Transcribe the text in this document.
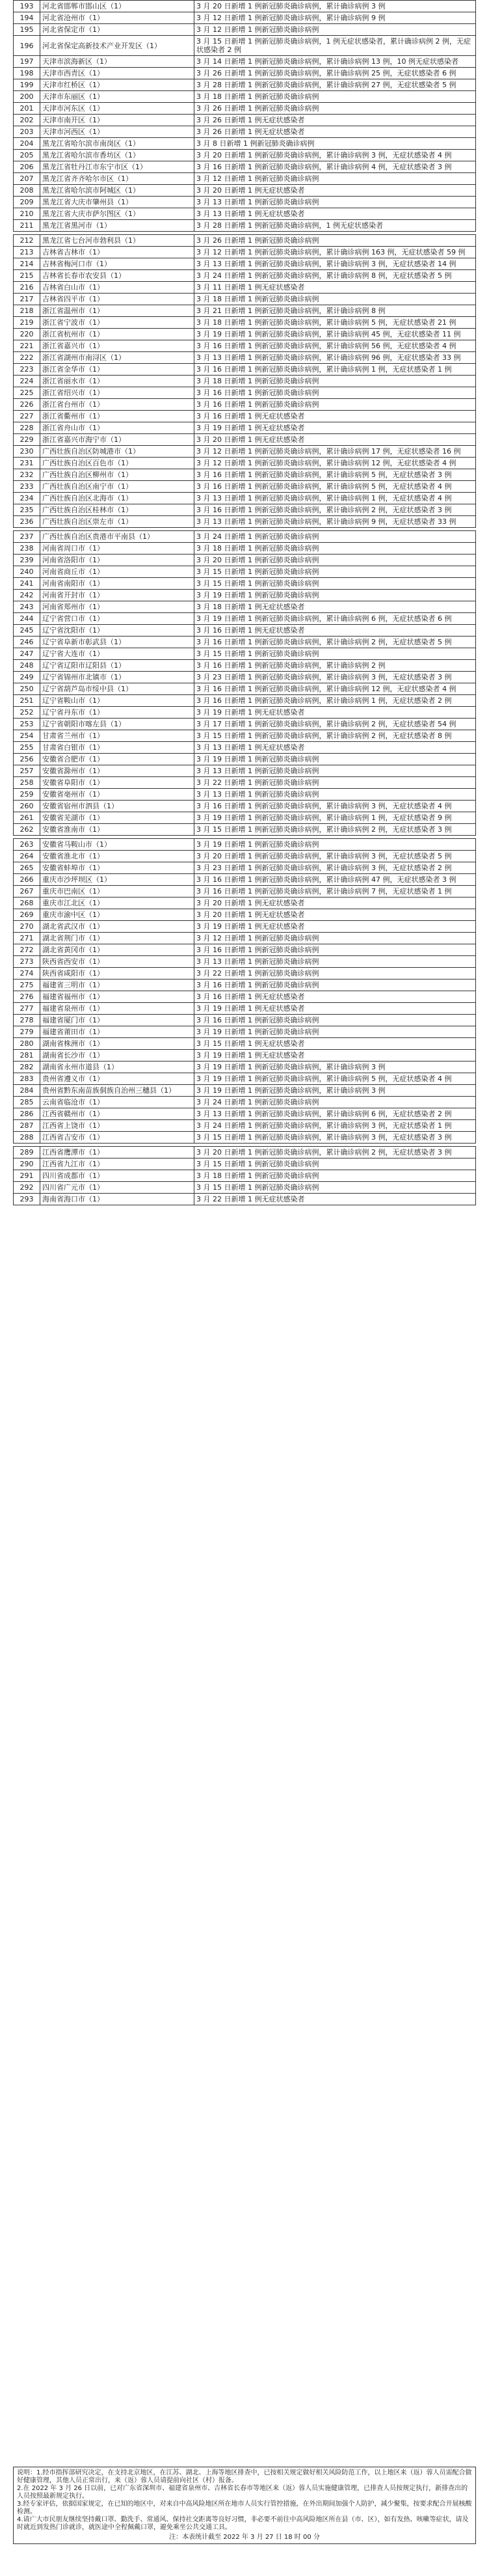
193	河北省邯郸市邯山区（1）	3 月 20 日新增 1 例新冠肺炎确诊病例，累计确诊病例 3 例
194	河北省沧州市（1）	3 月 12 日新增 1 例新冠肺炎确诊病例，累计确诊病例 9 例
195	河北省保定市（1）	3 月 12 日新增 1 例新冠肺炎确诊病例
196	河北省保定高新技术产业开发区（1）	3 月 15 日新增 1 例新冠肺炎确诊病例，1 例无症状感染者，累计确诊病例 2 例，无症状感染者 2 例
197	天津市滨海新区（1）	3 月 14 日新增 1 例新冠肺炎确诊病例，累计确诊病例 13 例，10 例无症状感染者
198	天津市西青区（1）	3 月 26 日新增 1 例新冠肺炎确诊病例，累计确诊病例 25 例，无症状感染者 6 例
199	天津市红桥区（1）	3 月 28 日新增 1 例新冠肺炎确诊病例，累计确诊病例 27 例，无症状感染者 5 例
200	天津市东丽区（1）	3 月 18 日新增 1 例新冠肺炎确诊病例
201	天津市河东区（1）	3 月 26 日新增 1 例新冠肺炎确诊病例
202	天津市南开区（1）	3 月 26 日新增 1 例无症状感染者
203	天津市河西区（1）	3 月 26 日新增 1 例无症状感染者
204	黑龙江省哈尔滨市南岗区（1）	3 月 8 日新增 1 例新冠肺炎确诊病例
205	黑龙江省哈尔滨市香坊区（1）	3 月 20 日新增 1 例新冠肺炎确诊病例，累计确诊病例 3 例，无症状感染者 4 例
206	黑龙江省牡丹江市东宁市区（1）	3 月 16 日新增 1 例新冠肺炎确诊病例，累计确诊病例 4 例，无症状感染者 3 例
207	黑龙江省齐齐哈尔市区（1）	3 月 12 日新增 1 例新冠肺炎确诊病例
208	黑龙江省哈尔滨市阿城区（1）	3 月 20 日新增 1 例无症状感染者
209	黑龙江省大庆市肇州县（1）	3 月 13 日新增 1 例新冠肺炎确诊病例
210	黑龙江省大庆市萨尔图区（1）	3 月 13 日新增 1 例无症状感染者
211	黑龙江省黑河市（1）	3 月 28 日新增 1 例新冠肺炎确诊病例，1 例无症状感染者
212	黑龙江省七台河市勃利县（1）	3 月 26 日新增 1 例新冠肺炎确诊病例
213	吉林省吉林市（1）	3 月 12 日新增 1 例新冠肺炎确诊病例，累计确诊病例 163 例，无症状感染者 59 例
214	吉林省梅河口市（1）	3 月 13 日新增 1 例新冠肺炎确诊病例，累计确诊病例 3 例，无症状感染者 14 例
215	吉林省长春市农安县（1）	3 月 24 日新增 1 例新冠肺炎确诊病例，累计确诊病例 8 例，无症状感染者 5 例
216	吉林省白山市（1）	3 月 11 日新增 1 例无症状感染者
217	吉林省四平市（1）	3 月 18 日新增 1 例新冠肺炎确诊病例
218	浙江省温州市（1）	3 月 21 日新增 1 例新冠肺炎确诊病例，累计确诊病例 8 例
219	浙江省宁波市（1）	3 月 18 日新增 1 例新冠肺炎确诊病例，累计确诊病例 5 例，无症状感染者 21 例
220	浙江省杭州市（1）	3 月 19 日新增 1 例新冠肺炎确诊病例，累计确诊病例 45 例，无症状感染者 11 例
221	浙江省嘉兴市（1）	3 月 16 日新增 1 例新冠肺炎确诊病例，累计确诊病例 56 例，无症状感染者 4 例
222	浙江省湖州市南浔区（1）	3 月 13 日新增 1 例新冠肺炎确诊病例，累计确诊病例 96 例，无症状感染者 33 例
223	浙江省金华市（1）	3 月 16 日新增 1 例新冠肺炎确诊病例，累计确诊病例 1 例，无症状感染者 1 例
224	浙江省丽水市（1）	3 月 18 日新增 1 例新冠肺炎确诊病例
225	浙江省绍兴市（1）	3 月 16 日新增 1 例新冠肺炎确诊病例
226	浙江省台州市（1）	3 月 16 日新增 1 例新冠肺炎确诊病例
227	浙江省衢州市（1）	3 月 16 日新增 1 例无症状感染者
228	浙江省舟山市（1）	3 月 19 日新增 1 例无症状感染者
229	浙江省嘉兴市海宁市（1）	3 月 20 日新增 1 例无症状感染者
230	广西壮族自治区防城港市（1）	3 月 12 日新增 1 例新冠肺炎确诊病例，累计确诊病例 17 例，无症状感染者 16 例
231	广西壮族自治区百色市（1）	3 月 12 日新增 1 例新冠肺炎确诊病例，累计确诊病例 12 例，无症状感染者 4 例
232	广西壮族自治区柳州市（1）	3 月 16 日新增 1 例新冠肺炎确诊病例，累计确诊病例 5 例，无症状感染者 3 例
233	广西壮族自治区南宁市（1）	3 月 16 日新增 1 例新冠肺炎确诊病例，累计确诊病例 5 例，无症状感染者 4 例
234	广西壮族自治区北海市（1）	3 月 13 日新增 1 例新冠肺炎确诊病例，累计确诊病例 1 例，无症状感染者 4 例
235	广西壮族自治区桂林市（1）	3 月 16 日新增 1 例新冠肺炎确诊病例，累计确诊病例 2 例，无症状感染者 3 例
236	广西壮族自治区崇左市（1）	3 月 13 日新增 1 例新冠肺炎确诊病例，累计确诊病例 9 例，无症状感染者 33 例
237	广西壮族自治区贵港市平南县（1）	3 月 24 日新增 1 例新冠肺炎确诊病例
238	河南省周口市（1）	3 月 18 日新增 1 例新冠肺炎确诊病例
239	河南省洛阳市（1）	3 月 20 日新增 1 例新冠肺炎确诊病例
240	河南省商丘市（1）	3 月 15 日新增 1 例新冠肺炎确诊病例
241	河南省南阳市（1）	3 月 15 日新增 1 例新冠肺炎确诊病例
242	河南省开封市（1）	3 月 19 日新增 1 例新冠肺炎确诊病例
243	河南省郑州市（1）	3 月 18 日新增 1 例无症状感染者
244	辽宁省营口市（1）	3 月 19 日新增 1 例新冠肺炎确诊病例，累计确诊病例 6 例，无症状感染者 6 例
245	辽宁省沈阳市（1）	3 月 16 日新增 1 例无症状感染者
246	辽宁省阜新市彰武县（1）	3 月 16 日新增 1 例新冠肺炎确诊病例，累计确诊病例 2 例，无症状感染者 5 例
247	辽宁省大连市（1）	3 月 15 日新增 1 例新冠肺炎确诊病例
248	辽宁省辽阳市辽阳县（1）	3 月 16 日新增 1 例新冠肺炎确诊病例，累计确诊病例 2 例
249	辽宁省锦州市北镇市（1）	3 月 23 日新增 1 例新冠肺炎确诊病例，累计确诊病例 3 例，无症状感染者 3 例
250	辽宁省葫芦岛市绥中县（1）	3 月 16 日新增 1 例新冠肺炎确诊病例，累计确诊病例 12 例，无症状感染者 4 例
251	辽宁省鞍山市（1）	3 月 16 日新增 1 例新冠肺炎确诊病例，累计确诊病例 1 例，无症状感染者 2 例
252	辽宁省丹东市（1）	3 月 19 日新增 1 例无症状感染者
253	辽宁省朝阳市喀左县（1）	3 月 17 日新增 1 例新冠肺炎确诊病例，累计确诊病例 2 例，无症状感染者 54 例
254	甘肃省兰州市（1）	3 月 15 日新增 1 例新冠肺炎确诊病例，累计确诊病例 2 例，无症状感染者 8 例
255	甘肃省白银市（1）	3 月 13 日新增 1 例无症状感染者
256	安徽省合肥市（1）	3 月 19 日新增 1 例新冠肺炎确诊病例
257	安徽省滁州市（1）	3 月 13 日新增 1 例新冠肺炎确诊病例
258	安徽省阜阳市（1）	3 月 22 日新增 1 例新冠肺炎确诊病例
259	安徽省亳州市（1）	3 月 13 日新增 1 例新冠肺炎确诊病例
260	安徽省宿州市泗县（1）	3 月 16 日新增 1 例新冠肺炎确诊病例，累计确诊病例 3 例，无症状感染者 4 例
261	安徽省芜湖市（1）	3 月 19 日新增 1 例新冠肺炎确诊病例，累计确诊病例 1 例，无症状感染者 9 例
262	安徽省淮南市（1）	3 月 15 日新增 1 例新冠肺炎确诊病例，累计确诊病例 2 例，无症状感染者 3 例
263	安徽省马鞍山市（1）	3 月 19 日新增 1 例新冠肺炎确诊病例
264	安徽省淮北市（1）	3 月 20 日新增 1 例新冠肺炎确诊病例，累计确诊病例 3 例，无症状感染者 5 例
265	安徽省蚌埠市（1）	3 月 23 日新增 1 例新冠肺炎确诊病例，累计确诊病例 3 例，无症状感染者 2 例
266	重庆市沙坪坝区（1）	3 月 16 日新增 1 例新冠肺炎确诊病例，累计确诊病例 47 例，无症状感染者 3 例
267	重庆市巴南区（1）	3 月 16 日新增 1 例新冠肺炎确诊病例，累计确诊病例 7 例，无症状感染者 1 例
268	重庆市江北区（1）	3 月 20 日新增 1 例无症状感染者
269	重庆市渝中区（1）	3 月 20 日新增 1 例无症状感染者
270	湖北省武汉市（1）	3 月 19 日新增 1 例无症状感染者
271	湖北省荆门市（1）	3 月 12 日新增 1 例新冠肺炎确诊病例
272	湖北省黄冈市（1）	3 月 16 日新增 1 例新冠肺炎确诊病例
273	陕西省西安市（1）	3 月 13 日新增 1 例新冠肺炎确诊病例
274	陕西省咸阳市（1）	3 月 22 日新增 1 例新冠肺炎确诊病例
275	福建省三明市（1）	3 月 16 日新增 1 例新冠肺炎确诊病例
276	福建省福州市（1）	3 月 16 日新增 1 例无症状感染者
277	福建省泉州市（1）	3 月 19 日新增 1 例无症状感染者
278	福建省厦门市（1）	3 月 16 日新增 1 例新冠肺炎确诊病例
279	福建省莆田市（1）	3 月 19 日新增 1 例新冠肺炎确诊病例
280	湖南省株洲市（1）	3 月 15 日新增 1 例无症状感染者
281	湖南省长沙市（1）	3 月 19 日新增 1 例无症状感染者
282	湖南省永州市道县（1）	3 月 19 日新增 1 例新冠肺炎确诊病例，累计确诊病例 3 例
283	贵州省遵义市（1）	3 月 19 日新增 1 例新冠肺炎确诊病例，累计确诊病例 5 例，无症状感染者 4 例
284	贵州省黔东南苗族侗族自治州三穗县（1）	3 月 19 日新增 1 例新冠肺炎确诊病例，累计确诊病例 3 例
285	云南省临沧市（1）	3 月 24 日新增 1 例新冠肺炎确诊病例
286	江西省赣州市（1）	3 月 13 日新增 1 例新冠肺炎确诊病例，累计确诊病例 6 例，无症状感染者 2 例
287	江西省上饶市（1）	3 月 24 日新增 1 例新冠肺炎确诊病例，累计确诊病例 3 例，无症状感染者 1 例
288	江西省吉安市（1）	3 月 15 日新增 1 例新冠肺炎确诊病例，累计确诊病例 3 例，无症状感染者 3 例
289	江西省鹰潭市（1）	3 月 20 日新增 1 例新冠肺炎确诊病例，累计确诊病例 2 例，无症状感染者 3 例
290	江西省九江市（1）	3 月 15 日新增 1 例新冠肺炎确诊病例
291	四川省成都市（1）	3 月 18 日新增 1 例新冠肺炎确诊病例
292	四川省广元市（1）	3 月 15 日新增 1 例新冠肺炎确诊病例
293	海南省海口市（1）	3 月 22 日新增 1 例无症状感染者

说明：1.经市指挥部研究决定，在支持北京地区，在江苏、湖北、上海等地区排查中，已按相关规定做好相关风险防范工作，以上地区来（返）蓉人员需配合做好健康管理，其他人员正常出行，来（返）蓉人员请提前向社区（村）报备。

2.在 2022 年 3 月 26 日以前，已对广东省深圳市、福建省泉州市、吉林省长春市等地区来（返）蓉人员实施健康管理，已排查人员按规定执行，新排查出的人员按照最新规定执行。

3.经专家评估，依据国家规定，在已知的地区中，对来自中高风险地区所在地市人员实行管控措施，在外出期间加强个人防护，减少聚集，按要求配合开展核酸检测。

4.请广大市民朋友继续坚持戴口罩、勤洗手、常通风、保持社交距离等良好习惯，非必要不前往中高风险地区所在县（市、区），如有发热、咳嗽等症状，请及时就近到发热门诊就诊，就医途中全程佩戴口罩，避免乘坐公共交通工具。

注：本表统计截至 2022 年 3 月 27 日 18 时 00 分
